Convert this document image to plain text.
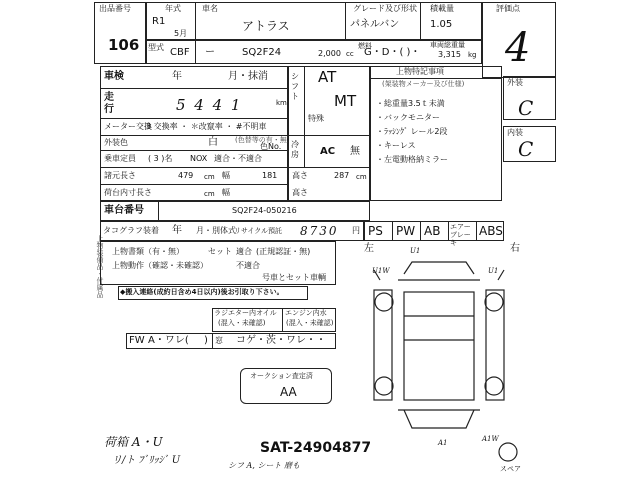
出品番号
106
年式
R1
5月
車名
アトラス
グレード及び形状
パネルバン
積載量
1.05
型式 CBF ー	SQ2F24	2,000 cc
燃料
G・D・( )・
車両総重量
3,315 kg
評価点
4
外装
C
内装
C
上物装備品・付属品
車検	年	月・抹消
走行	5 4 4 1	km
メーター交換
3 交換率 ・ ＊改竄率 ・ #不明車
外装色	白 (色替等の有・無)
色No.
乗車定員 ( 3 )名 NOX 適合・不適合
諸元長さ	479 cm 幅	181
荷台内寸長さ	幅
cm
シフト
AT
MT
特殊
冷房 AC 無
高さ	287 cm
高さ
上物特記事項
(架装物メーカー及び仕様)
・総重量3.5ｔ未満
・バックモニター
・ﾗｯｼﾝｸﾞ レール2段
・キーレス
・左電動格納ミラー
車台番号	SQ2F24-050216
タコグラフ装着 年 月・別体式
リサイクル預託 8730 円 PS PW AB エアーブレーキ
ABS
上物書類（有・無）	セット 適合 (正規認証・無)
不適合
上物動作（確認・未確認）
号車とセット車輌
◆搬入連絡(成約日含め4日以内)後お引取り下さい。
ラジエター内オイル
(混入・未確認)
エンジン内水
(混入・未確認)
FW A・ワレ( ) 窓 コゲ・茨・ワレ・ ・
オークション査定済
AA
荷箱 A・U
リ/ト ﾌﾞﾘｯｼﾞ U	シフ A, シート 磨も
左	右
U1W	U1
U1
A1W
A1
スペア
SAT-24904877
